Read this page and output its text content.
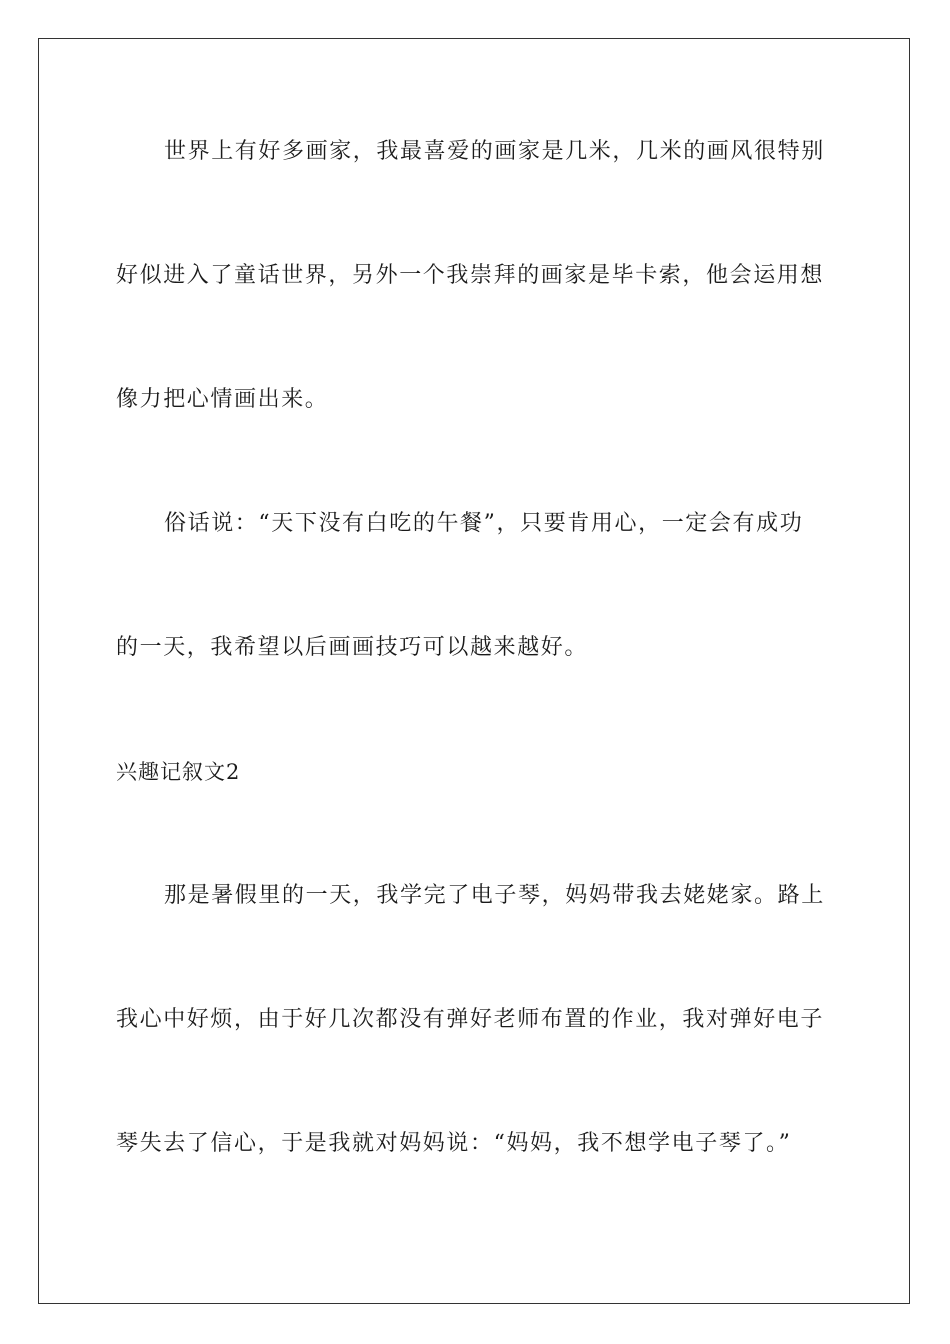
世界上有好多画家，我最喜爱的画家是几米，几米的画风很特别
好似进入了童话世界，另外一个我崇拜的画家是毕卡索，他会运用想
像力把心情画出来。
俗话说：“天下没有白吃的午餐”，只要肯用心，一定会有成功
的一天，我希望以后画画技巧可以越来越好。
兴趣记叙文2
那是暑假里的一天，我学完了电子琴，妈妈带我去姥姥家。路上
我心中好烦，由于好几次都没有弹好老师布置的作业，我对弹好电子
琴失去了信心，于是我就对妈妈说：“妈妈，我不想学电子琴了。”
